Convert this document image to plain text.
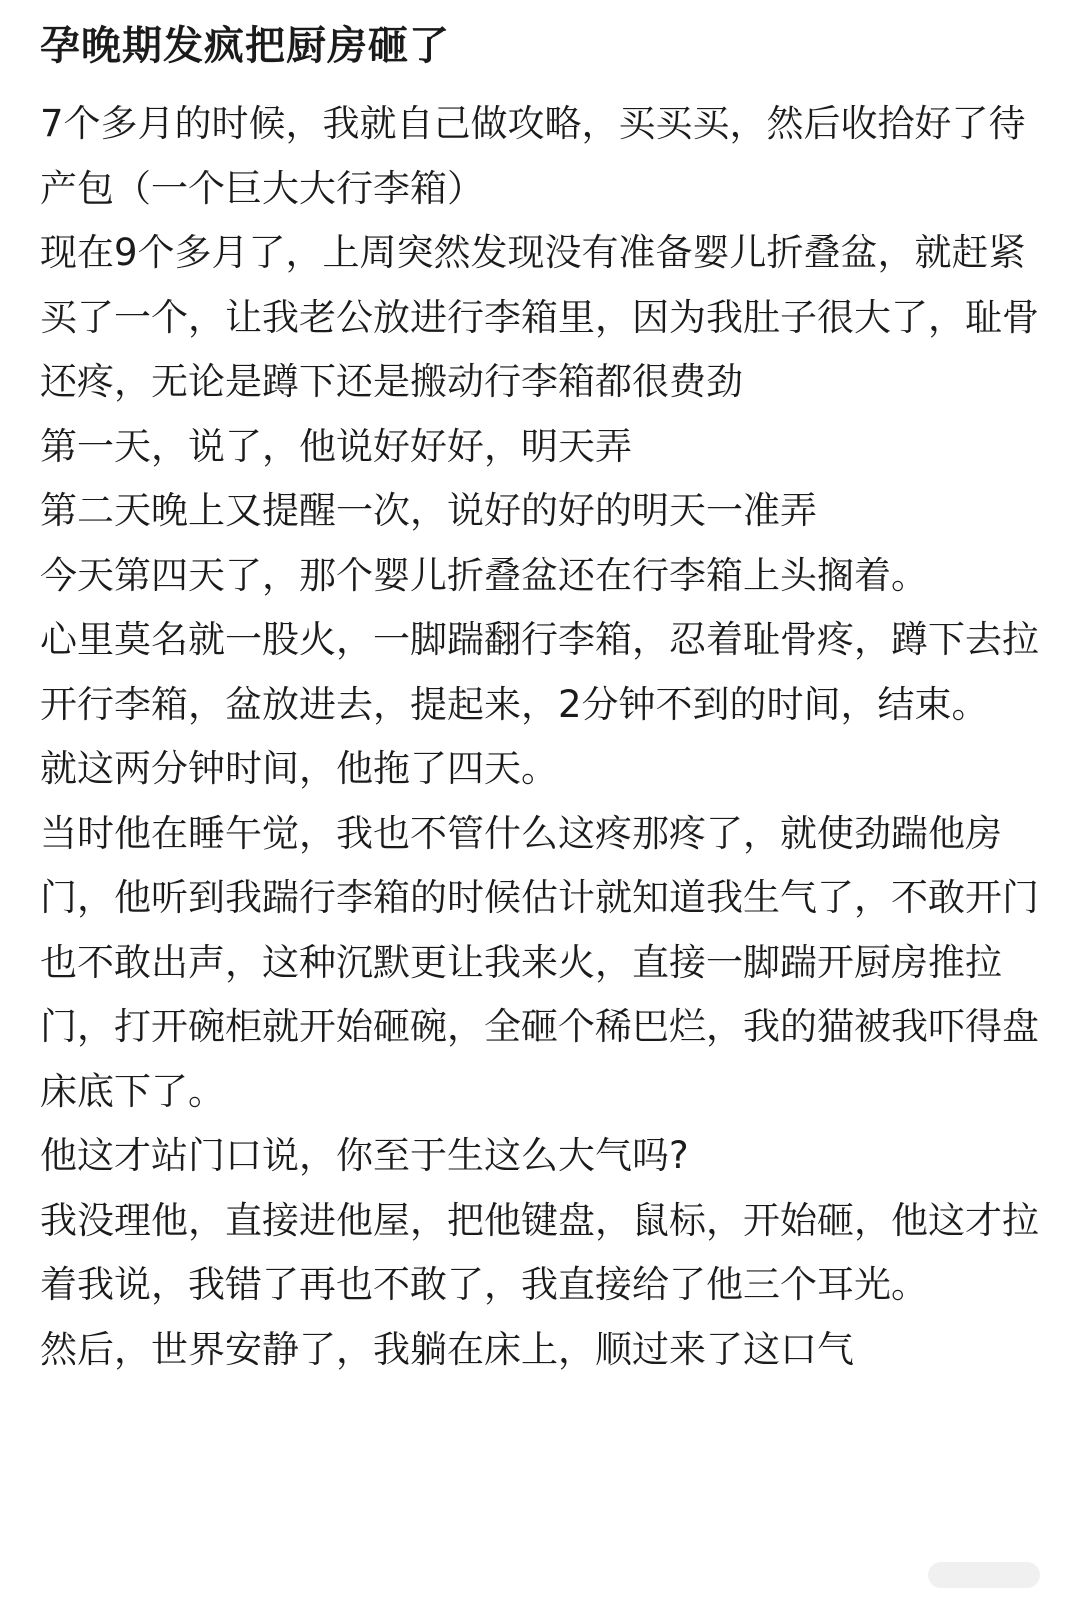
孕晚期发疯把厨房砸了

7个多月的时候，我就自己做攻略，买买买，然后收拾好了待产包（一个巨大大行李箱）

现在9个多月了，上周突然发现没有准备婴儿折叠盆，就赶紧买了一个，让我老公放进行李箱里，因为我肚子很大了，耻骨还疼，无论是蹲下还是搬动行李箱都很费劲

第一天，说了，他说好好好，明天弄

第二天晚上又提醒一次，说好的好的明天一准弄

今天第四天了，那个婴儿折叠盆还在行李箱上头搁着。

心里莫名就一股火，一脚踹翻行李箱，忍着耻骨疼，蹲下去拉开行李箱，盆放进去，提起来，2分钟不到的时间，结束。

就这两分钟时间，他拖了四天。

当时他在睡午觉，我也不管什么这疼那疼了，就使劲踹他房门，他听到我踹行李箱的时候估计就知道我生气了，不敢开门也不敢出声，这种沉默更让我来火，直接一脚踹开厨房推拉门，打开碗柜就开始砸碗，全砸个稀巴烂，我的猫被我吓得盘床底下了。

他这才站门口说，你至于生这么大气吗?

我没理他，直接进他屋，把他键盘，鼠标，开始砸，他这才拉着我说，我错了再也不敢了，我直接给了他三个耳光。

然后，世界安静了，我躺在床上，顺过来了这口气
